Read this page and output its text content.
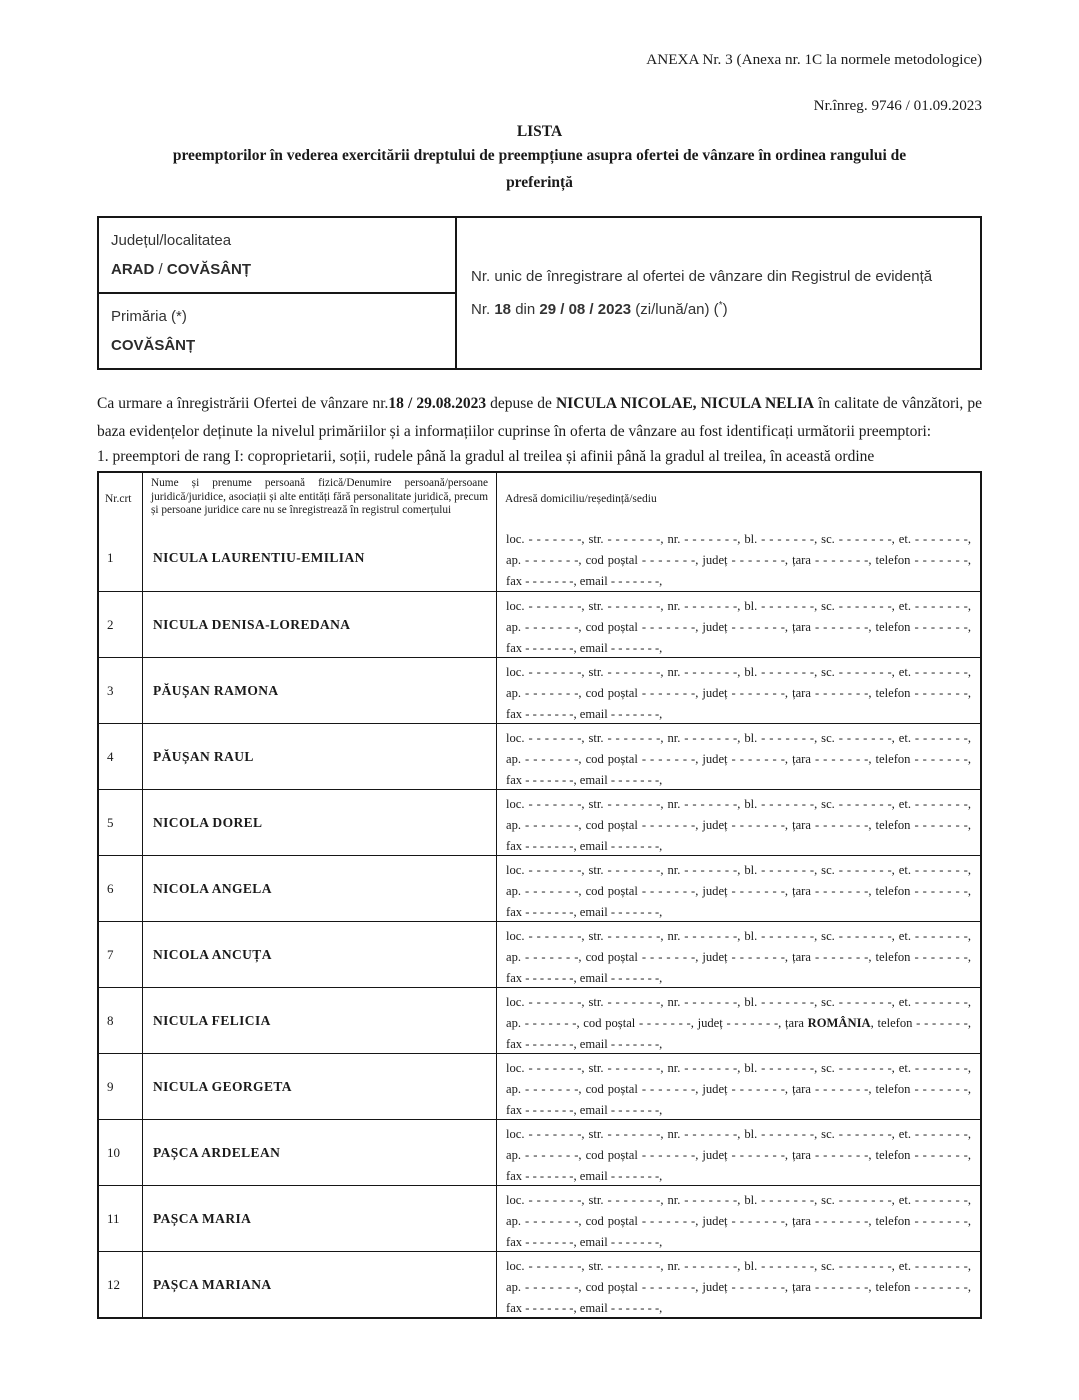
ANEXA Nr. 3 (Anexa nr. 1C la normele metodologice)
Nr.înreg. 9746 / 01.09.2023
LISTA
preemptorilor în vederea exercitării dreptului de preempțiune asupra ofertei de vânzare în ordinea rangului de
preferință
Județul/localitatea
ARAD / COVĂSÂNȚ	Nr. unic de înregistrare al ofertei de vânzare din Registrul de evidență
Nr. 18 din 29 / 08 / 2023 (zi/lună/an) (*)

Primăria (*)
COVĂSÂNȚ
Ca urmare a înregistrării Ofertei de vânzare nr.18 / 29.08.2023 depuse de NICULA NICOLAE, NICULA NELIA în calitate de vânzători, pe baza evidențelor deținute la nivelul primăriilor și a informațiilor cuprinse în oferta de vânzare au fost identificați următorii preemptori:
1. preemptori de rang I: coproprietarii, soții, rudele până la gradul al treilea și afinii până la gradul al treilea, în această ordine
Nr.crt
Nume și prenume persoană fizică/Denumire persoană/persoane juridică/juridice, asociații și alte entități fără personalitate juridică, precum și persoane juridice care nu se înregistrează în registrul comerțului
Adresă domiciliu/reședință/sediu
1	NICULA LAURENTIU-EMILIAN
loc. - - - - - - -, str. - - - - - - -, nr. - - - - - - -, bl. - - - - - - -, sc. - - - - - - -, et. - - - - - - -,
ap. - - - - - - -, cod poștal - - - - - - -, județ - - - - - - -, țara - - - - - - -, telefon - - - - - - -,
fax - - - - - - -, email - - - - - - -,
2	NICULA DENISA-LOREDANA
loc. - - - - - - -, str. - - - - - - -, nr. - - - - - - -, bl. - - - - - - -, sc. - - - - - - -, et. - - - - - - -,
ap. - - - - - - -, cod poștal - - - - - - -, județ - - - - - - -, țara - - - - - - -, telefon - - - - - - -,
fax - - - - - - -, email - - - - - - -,
3	PĂUȘAN RAMONA
loc. - - - - - - -, str. - - - - - - -, nr. - - - - - - -, bl. - - - - - - -, sc. - - - - - - -, et. - - - - - - -,
ap. - - - - - - -, cod poștal - - - - - - -, județ - - - - - - -, țara - - - - - - -, telefon - - - - - - -,
fax - - - - - - -, email - - - - - - -,
4	PĂUȘAN RAUL
loc. - - - - - - -, str. - - - - - - -, nr. - - - - - - -, bl. - - - - - - -, sc. - - - - - - -, et. - - - - - - -,
ap. - - - - - - -, cod poștal - - - - - - -, județ - - - - - - -, țara - - - - - - -, telefon - - - - - - -,
fax - - - - - - -, email - - - - - - -,
5	NICOLA DOREL
loc. - - - - - - -, str. - - - - - - -, nr. - - - - - - -, bl. - - - - - - -, sc. - - - - - - -, et. - - - - - - -,
ap. - - - - - - -, cod poștal - - - - - - -, județ - - - - - - -, țara - - - - - - -, telefon - - - - - - -,
fax - - - - - - -, email - - - - - - -,
6	NICOLA ANGELA
loc. - - - - - - -, str. - - - - - - -, nr. - - - - - - -, bl. - - - - - - -, sc. - - - - - - -, et. - - - - - - -,
ap. - - - - - - -, cod poștal - - - - - - -, județ - - - - - - -, țara - - - - - - -, telefon - - - - - - -,
fax - - - - - - -, email - - - - - - -,
7	NICOLA ANCUȚA
loc. - - - - - - -, str. - - - - - - -, nr. - - - - - - -, bl. - - - - - - -, sc. - - - - - - -, et. - - - - - - -,
ap. - - - - - - -, cod poștal - - - - - - -, județ - - - - - - -, țara - - - - - - -, telefon - - - - - - -,
fax - - - - - - -, email - - - - - - -,
8	NICULA FELICIA
loc. - - - - - - -, str. - - - - - - -, nr. - - - - - - -, bl. - - - - - - -, sc. - - - - - - -, et. - - - - - - -,
ap. - - - - - - -, cod poștal - - - - - - -, județ - - - - - - -, țara ROMÂNIA, telefon - - - - - - -,
fax - - - - - - -, email - - - - - - -,
9	NICULA GEORGETA
loc. - - - - - - -, str. - - - - - - -, nr. - - - - - - -, bl. - - - - - - -, sc. - - - - - - -, et. - - - - - - -,
ap. - - - - - - -, cod poștal - - - - - - -, județ - - - - - - -, țara - - - - - - -, telefon - - - - - - -,
fax - - - - - - -, email - - - - - - -,
10	PAȘCA ARDELEAN
loc. - - - - - - -, str. - - - - - - -, nr. - - - - - - -, bl. - - - - - - -, sc. - - - - - - -, et. - - - - - - -,
ap. - - - - - - -, cod poștal - - - - - - -, județ - - - - - - -, țara - - - - - - -, telefon - - - - - - -,
fax - - - - - - -, email - - - - - - -,
11	PAȘCA MARIA
loc. - - - - - - -, str. - - - - - - -, nr. - - - - - - -, bl. - - - - - - -, sc. - - - - - - -, et. - - - - - - -,
ap. - - - - - - -, cod poștal - - - - - - -, județ - - - - - - -, țara - - - - - - -, telefon - - - - - - -,
fax - - - - - - -, email - - - - - - -,
12	PAȘCA MARIANA
loc. - - - - - - -, str. - - - - - - -, nr. - - - - - - -, bl. - - - - - - -, sc. - - - - - - -, et. - - - - - - -,
ap. - - - - - - -, cod poștal - - - - - - -, județ - - - - - - -, țara - - - - - - -, telefon - - - - - - -,
fax - - - - - - -, email - - - - - - -,
